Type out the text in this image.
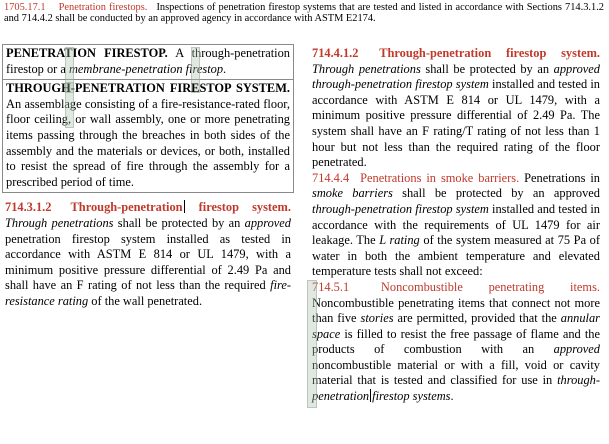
1705.17.1 Penetration firestops. Inspections of penetration firestop systems that are tested and listed in accordance with Sections 714.3.1.2 and 714.4.2 shall be conducted by an approved agency in accordance with ASTM E2174.
PENETRATION FIRESTOP. A through-penetration firestop or a membrane-penetration firestop.
THROUGH-PENETRATION FIRESTOP SYSTEM. An assemblage consisting of a fire-resistance-rated floor, floor ceiling, or wall assembly, one or more penetrating items passing through the breaches in both sides of the assembly and the materials or devices, or both, installed to resist the spread of fire through the assembly for a prescribed period of time.
714.3.1.2 Through-penetration firestop system. Through penetrations shall be protected by an approved penetration firestop system installed as tested in accordance with ASTM E 814 or UL 1479, with a minimum positive pressure differential of 2.49 Pa and shall have an F rating of not less than the required fire-resistance rating of the wall penetrated.
714.4.1.2 Through-penetration firestop system. Through penetrations shall be protected by an approved through-penetration firestop system installed and tested in accordance with ASTM E 814 or UL 1479, with a minimum positive pressure differential of 2.49 Pa. The system shall have an F rating/T rating of not less than 1 hour but not less than the required rating of the floor penetrated.
714.4.4 Penetrations in smoke barriers. Penetrations in smoke barriers shall be protected by an approved through-penetration firestop system installed and tested in accordance with the requirements of UL 1479 for air leakage. The L rating of the system measured at 75 Pa of water in both the ambient temperature and elevated temperature tests shall not exceed:
714.5.1	Noncombustible penetrating items. Noncombustible penetrating items that connect not more than five stories are permitted, provided that the annular space is filled to resist the free passage of flame and the products of combustion with an approved noncombustible material or with a fill, void or cavity material that is tested and classified for use in through-penetration firestop systems.
